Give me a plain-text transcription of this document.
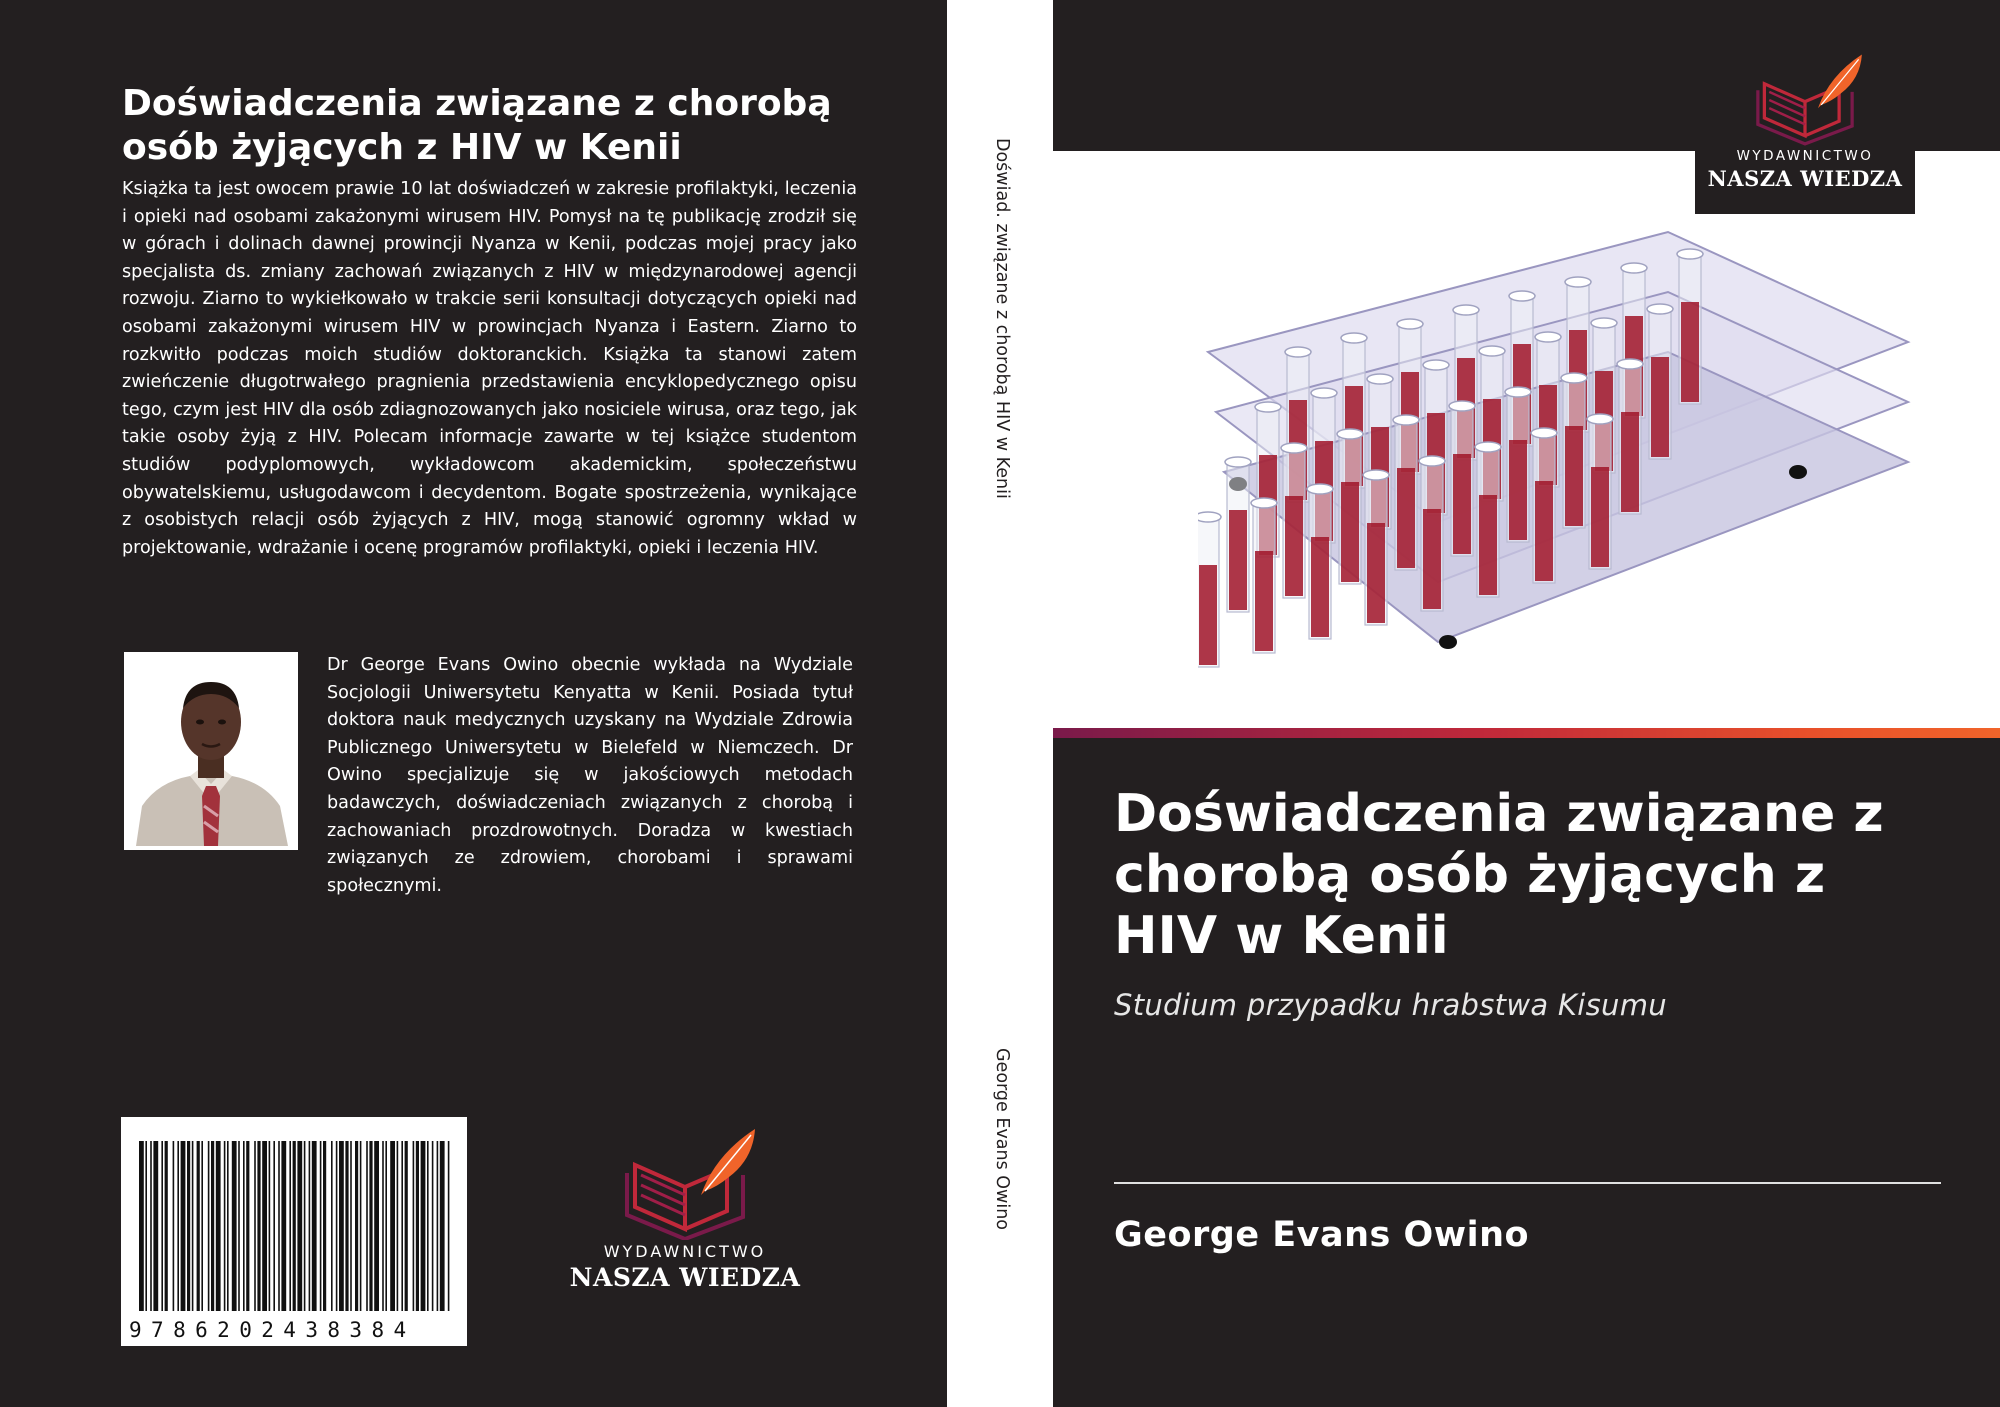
Doświadczenia związane z chorobą
osób żyjących z HIV w Kenii

Książka ta jest owocem prawie 10 lat doświadczeń w zakresie profilaktyki, leczenia i opieki nad osobami zakażonymi wirusem HIV. Pomysł na tę publikację zrodził się w górach i dolinach dawnej prowincji Nyanza w Kenii, podczas mojej pracy jako specjalista ds. zmiany zachowań związanych z HIV w międzynarodowej agencji rozwoju. Ziarno to wykiełkowało w trakcie serii konsultacji dotyczących opieki nad osobami zakażonymi wirusem HIV w prowincjach Nyanza i Eastern. Ziarno to rozkwitło podczas moich studiów doktoranckich. Książka ta stanowi zatem zwieńczenie długotrwałego pragnienia przedstawienia encyklopedycznego opisu tego, czym jest HIV dla osób zdiagnozowanych jako nosiciele wirusa, oraz tego, jak takie osoby żyją z HIV. Polecam informacje zawarte w tej książce studentom studiów podyplomowych, wykładowcom akademickim, społeczeństwu obywatelskiemu, usługodawcom i decydentom. Bogate spostrzeżenia, wynikające z osobistych relacji osób żyjących z HIV, mogą stanowić ogromny wkład w projektowanie, wdrażanie i ocenę programów profilaktyki, opieki i leczenia HIV.

Dr George Evans Owino obecnie wykłada na Wydziale Socjologii Uniwersytetu Kenyatta w Kenii. Posiada tytuł doktora nauk medycznych uzyskany na Wydziale Zdrowia Publicznego Uniwersytetu w Bielefeld w Niemczech. Dr Owino specjalizuje się w jakościowych metodach badawczych, doświadczeniach związanych z chorobą i zachowaniach prozdrowotnych. Doradza w kwestiach związanych ze zdrowiem, chorobami i sprawami społecznymi.

9786202438384
WYDAWNICTWO
NASZA WIEDZA

Doświad. związane z chorobą HIV w Kenii

George Evans Owino

WYDAWNICTWO
NASZA WIEDZA
Doświadczenia związane z
chorobą osób żyjących z
HIV w Kenii

Studium przypadku hrabstwa Kisumu

George Evans Owino
